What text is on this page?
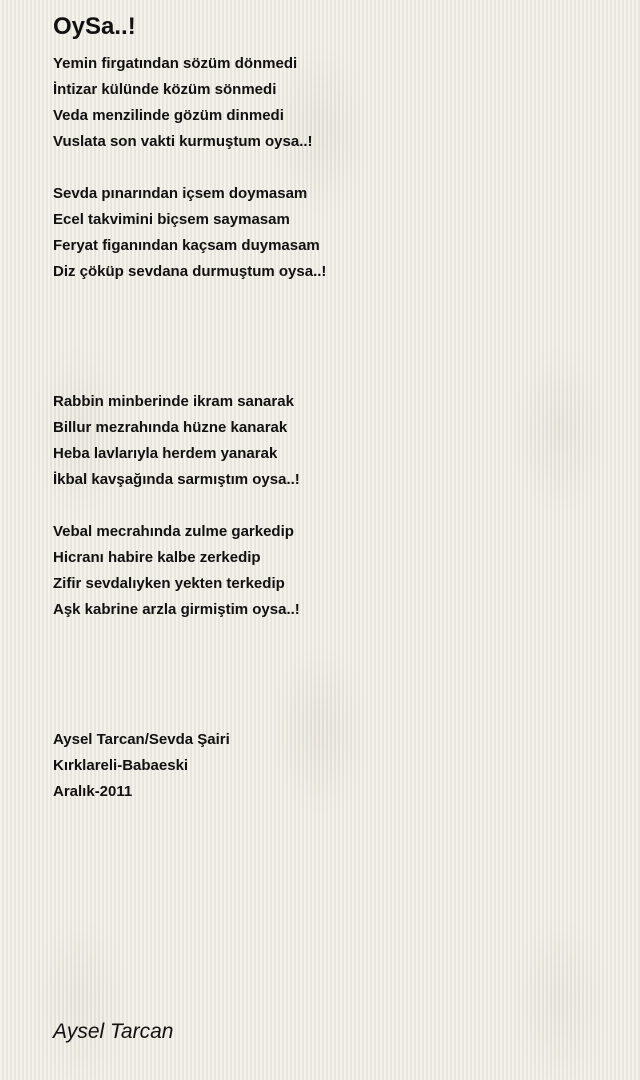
OySa..!
Yemin firgatından sözüm dönmedi
İntizar külünde közüm sönmedi
Veda menzilinde gözüm dinmedi
Vuslata son vakti kurmuştum oysa..!
Sevda pınarından içsem doymasam
Ecel takvimini biçsem saymasam
Feryat figanından kaçsam duymasam
Diz çöküp sevdana durmuştum oysa..!
Rabbin minberinde ikram sanarak
Billur mezrahında hüzne kanarak
Heba lavlarıyla herdem yanarak
İkbal kavşağında sarmıştım oysa..!
Vebal mecrahında zulme garkedip
Hicranı habire kalbe zerkedip
Zifir sevdalıyken yekten terkedip
Aşk kabrine arzla girmiştim oysa..!
Aysel Tarcan/Sevda Şairi
Kırklareli-Babaeski
Aralık-2011
Aysel Tarcan
